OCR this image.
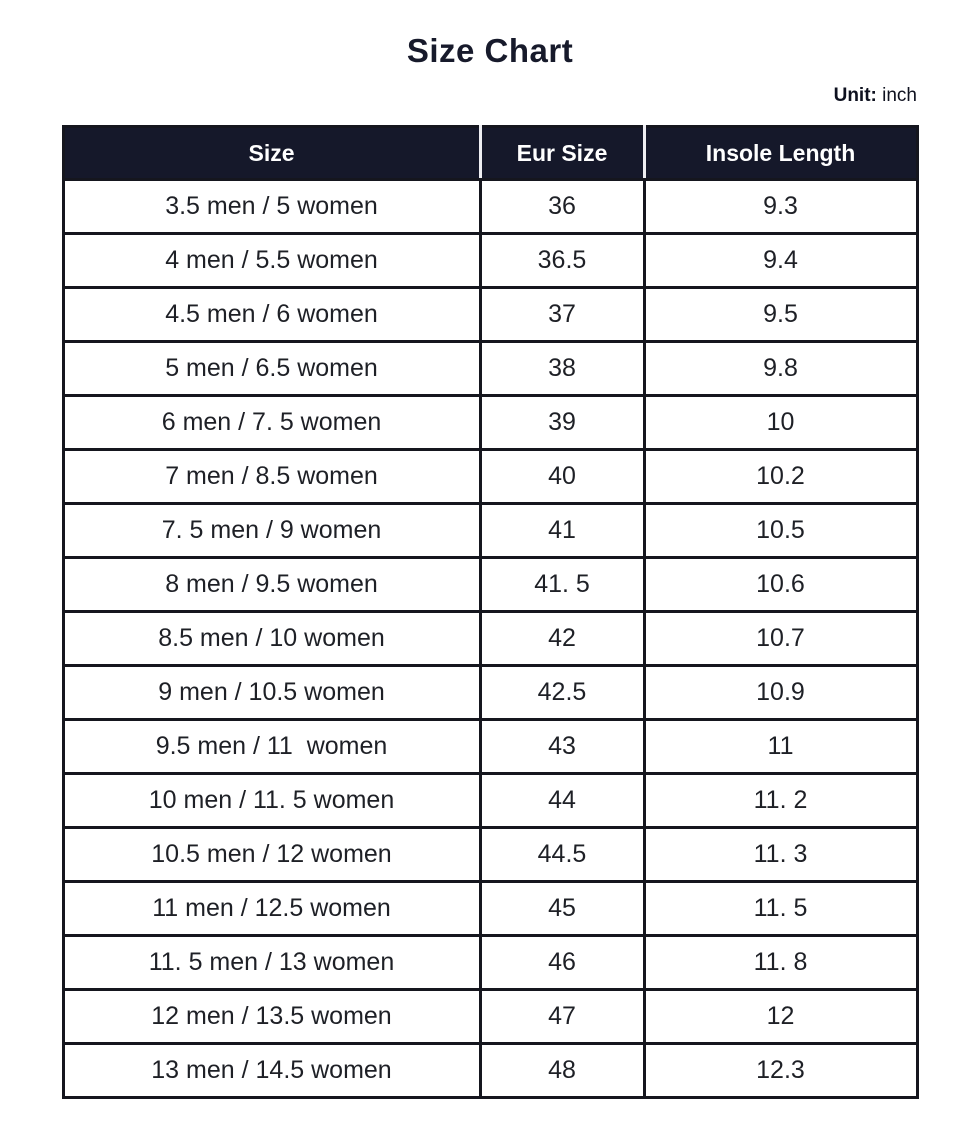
Size Chart
Unit: inch
Size	Eur Size	Insole Length
3.5 men / 5 women	36	9.3
4 men / 5.5 women	36.5	9.4
4.5 men / 6 women	37	9.5
5 men / 6.5 women	38	9.8
6 men / 7. 5 women	39	10
7 men / 8.5 women	40	10.2
7. 5 men / 9 women	41	10.5
8 men / 9.5 women	41. 5	10.6
8.5 men / 10 women	42	10.7
9 men / 10.5 women	42.5	10.9
9.5 men / 11  women	43	11
10 men / 11. 5 women	44	11. 2
10.5 men / 12 women	44.5	11. 3
11 men / 12.5 women	45	11. 5
11. 5 men / 13 women	46	11. 8
12 men / 13.5 women	47	12
13 men / 14.5 women	48	12.3
